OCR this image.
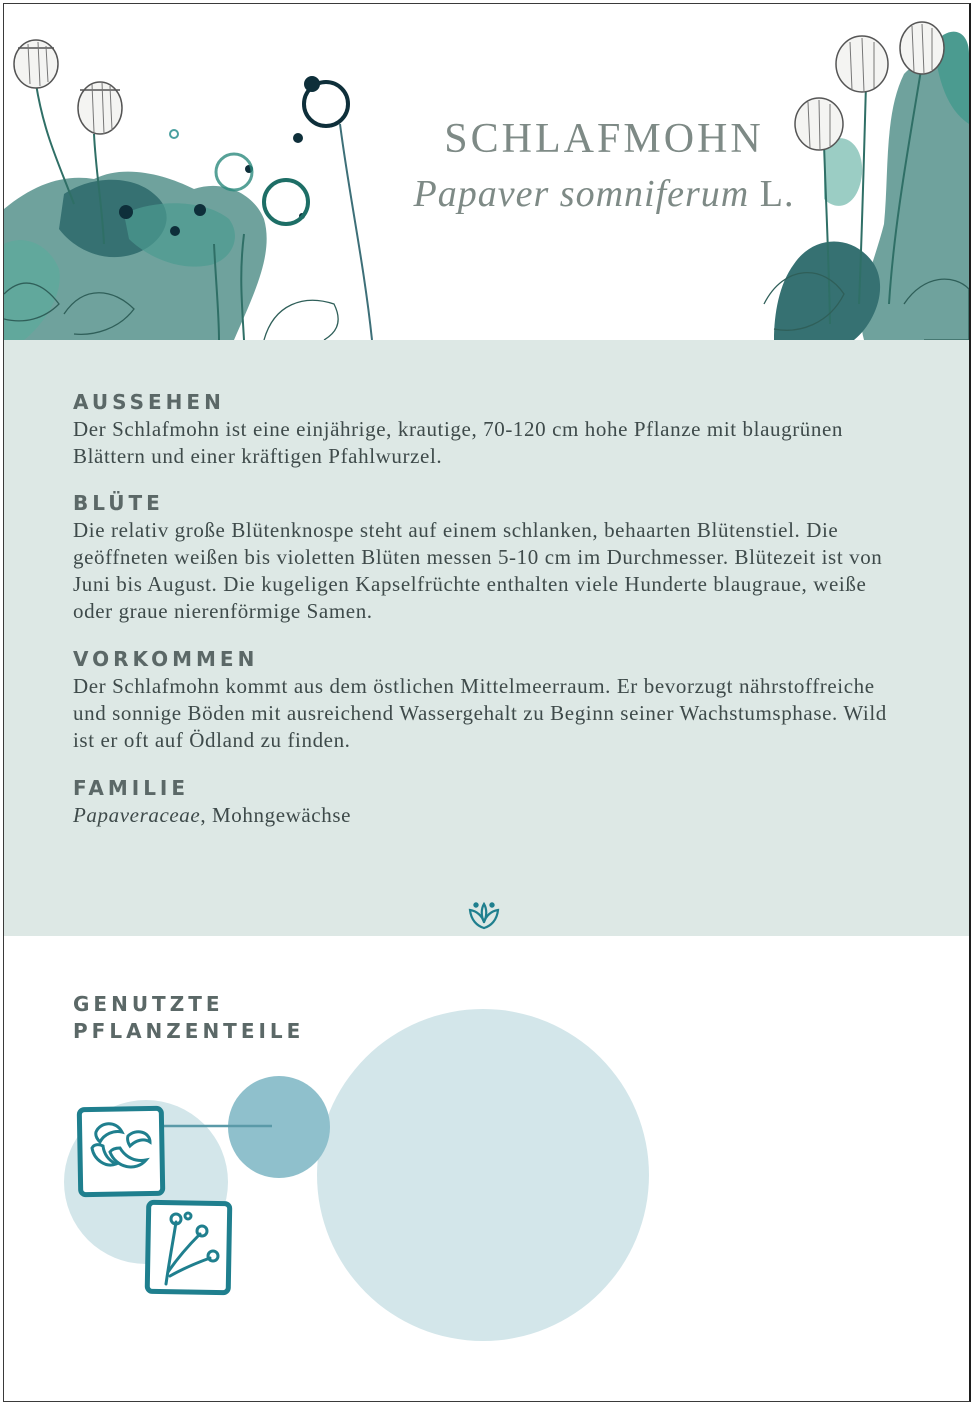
SCHLAFMOHN
Papaver somniferum L.
AUSSEHEN

Der Schlafmohn ist eine einjährige, krautige, 70-120 cm hohe Pflanze mit blaugrünen Blättern und einer kräftigen Pfahlwurzel.

BLÜTE

Die relativ große Blütenknospe steht auf einem schlanken, behaarten Blütenstiel. Die geöffneten weißen bis violetten Blüten messen 5-10 cm im Durchmesser. Blütezeit ist von Juni bis August. Die kugeligen Kapselfrüchte enthalten viele Hunderte blaugraue, weiße oder graue nierenförmige Samen.

VORKOMMEN

Der Schlafmohn kommt aus dem östlichen Mittelmeerraum. Er bevorzugt nährstoffreiche und sonnige Böden mit ausreichend Wassergehalt zu Beginn seiner Wachstumsphase. Wild ist er oft auf Ödland zu finden.

FAMILIE

Papaveraceae, Mohngewächse

GENUTZTE
PFLANZENTEILE
